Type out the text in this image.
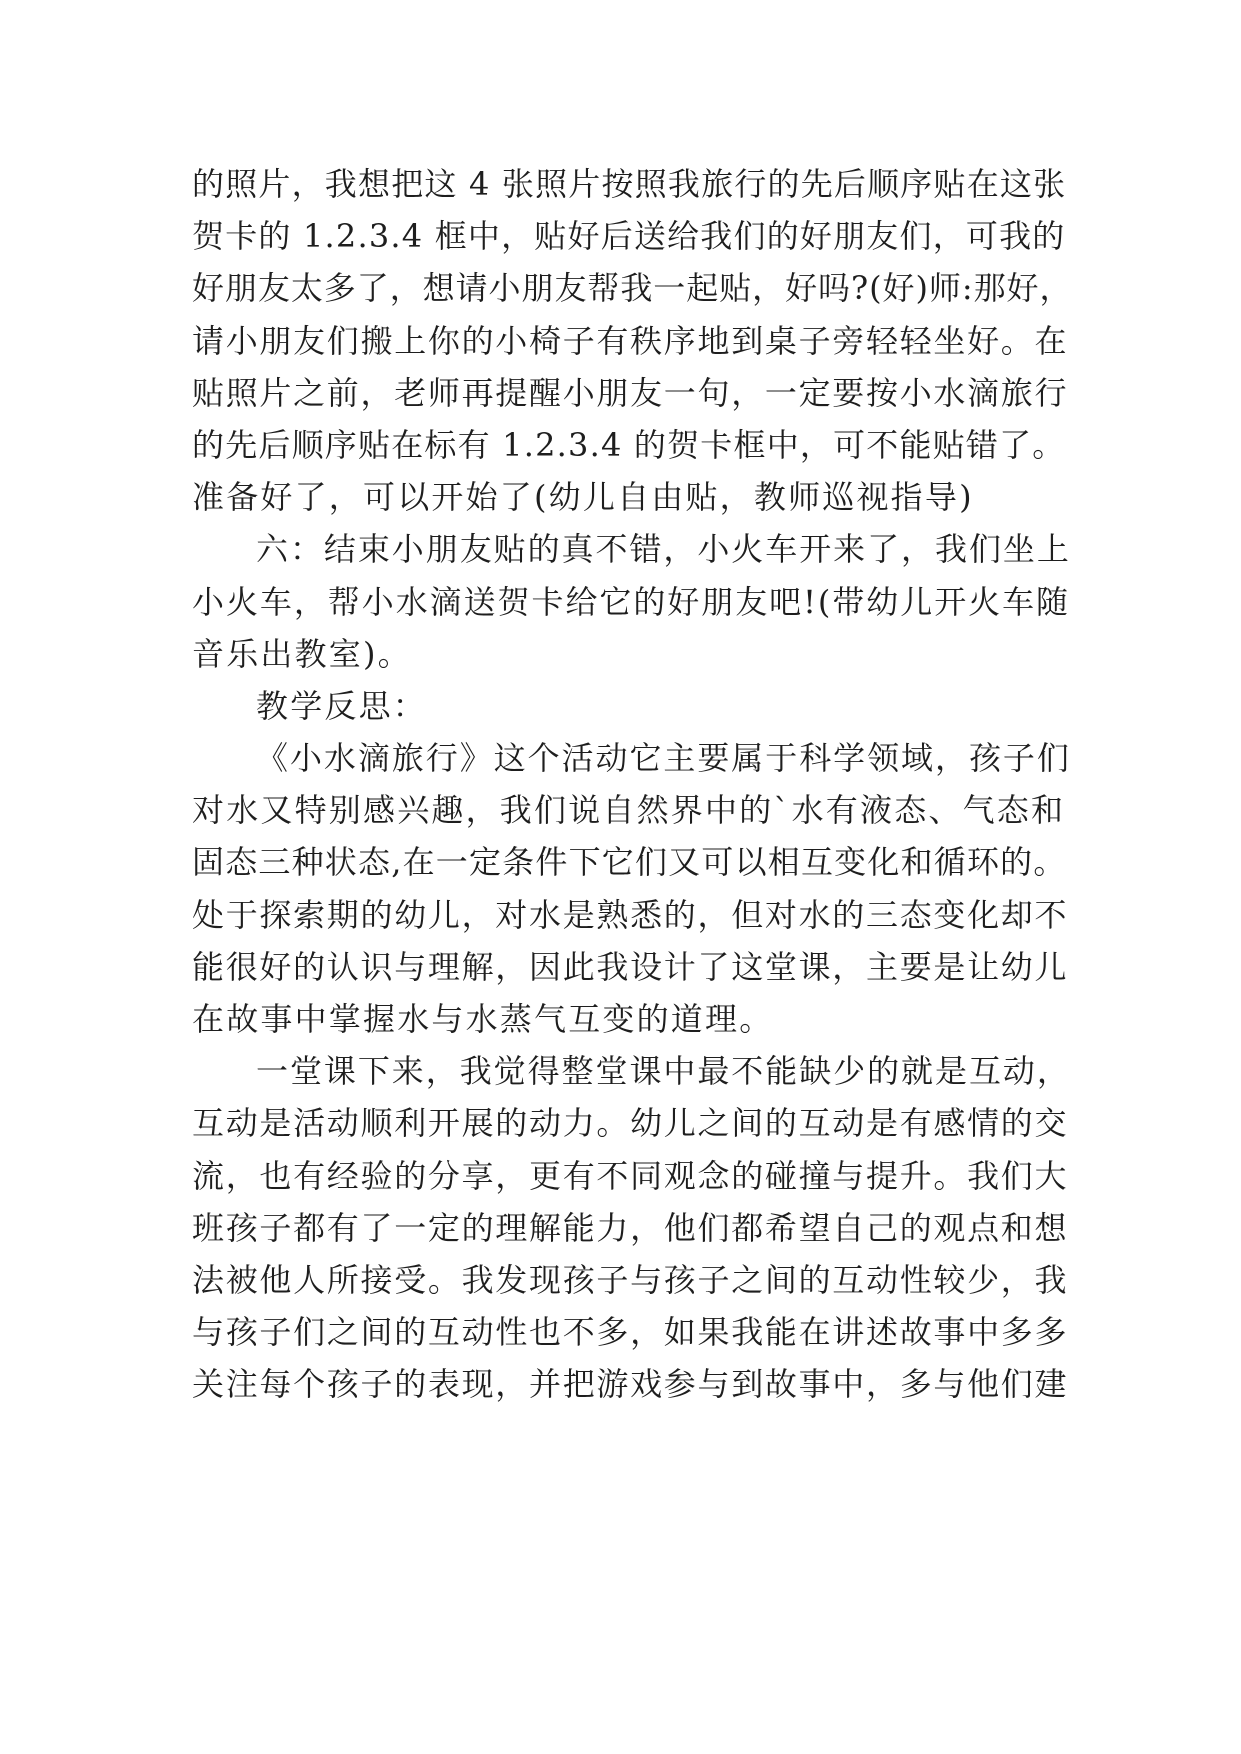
的照片，我想把这 4 张照片按照我旅行的先后顺序贴在这张
贺卡的 1.2.3.4 框中，贴好后送给我们的好朋友们，可我的
好朋友太多了，想请小朋友帮我一起贴，好吗?(好)师:那好，
请小朋友们搬上你的小椅子有秩序地到桌子旁轻轻坐好。在
贴照片之前，老师再提醒小朋友一句，一定要按小水滴旅行
的先后顺序贴在标有 1.2.3.4 的贺卡框中，可不能贴错了。
准备好了，可以开始了(幼儿自由贴，教师巡视指导)
六：结束小朋友贴的真不错，小火车开来了，我们坐上
小火车，帮小水滴送贺卡给它的好朋友吧!(带幼儿开火车随
音乐出教室)。
教学反思：
《小水滴旅行》这个活动它主要属于科学领域，孩子们
对水又特别感兴趣，我们说自然界中的`水有液态、气态和
固态三种状态,在一定条件下它们又可以相互变化和循环的。
处于探索期的幼儿，对水是熟悉的，但对水的三态变化却不
能很好的认识与理解，因此我设计了这堂课，主要是让幼儿
在故事中掌握水与水蒸气互变的道理。
一堂课下来，我觉得整堂课中最不能缺少的就是互动，
互动是活动顺利开展的动力。幼儿之间的互动是有感情的交
流，也有经验的分享，更有不同观念的碰撞与提升。我们大
班孩子都有了一定的理解能力，他们都希望自己的观点和想
法被他人所接受。我发现孩子与孩子之间的互动性较少，我
与孩子们之间的互动性也不多，如果我能在讲述故事中多多
关注每个孩子的表现，并把游戏参与到故事中，多与他们建
